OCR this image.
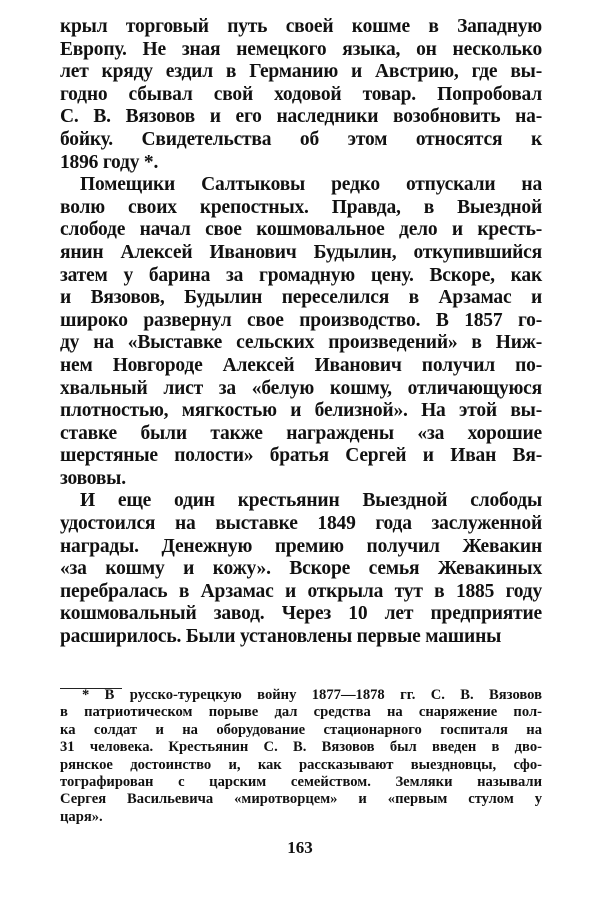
крыл торговый путь своей кошме в Западную
Европу. Не зная немецкого языка, он несколько
лет кряду ездил в Германию и Австрию, где вы-
годно сбывал свой ходовой товар. Попробовал
С. В. Вязовов и его наследники возобновить на-
бойку. Свидетельства об этом относятся к
1896 году *.
Помещики Салтыковы редко отпускали на
волю своих крепостных. Правда, в Выездной
слободе начал свое кошмовальное дело и кресть-
янин Алексей Иванович Будылин, откупившийся
затем у барина за громадную цену. Вскоре, как
и Вязовов, Будылин переселился в Арзамас и
широко развернул свое производство. В 1857 го-
ду на «Выставке сельских произведений» в Ниж-
нем Новгороде Алексей Иванович получил по-
хвальный лист за «белую кошму, отличающуюся
плотностью, мягкостью и белизной». На этой вы-
ставке были также награждены «за хорошие
шерстяные полости» братья Сергей и Иван Вя-
зововы.
И еще один крестьянин Выездной слободы
удостоился на выставке 1849 года заслуженной
награды. Денежную премию получил Жевакин
«за кошму и кожу». Вскоре семья Жевакиных
перебралась в Арзамас и открыла тут в 1885 году
кошмовальный завод. Через 10 лет предприятие
расширилось. Были установлены первые машины
* В русско-турецкую войну 1877—1878 гг. С. В. Вязовов
в патриотическом порыве дал средства на снаряжение пол-
ка солдат и на оборудование стационарного госпиталя на
31 человека. Крестьянин С. В. Вязовов был введен в дво-
рянское достоинство и, как рассказывают выездновцы, сфо-
тографирован с царским семейством. Земляки называли
Сергея Васильевича «миротворцем» и «первым стулом у
царя».
163
